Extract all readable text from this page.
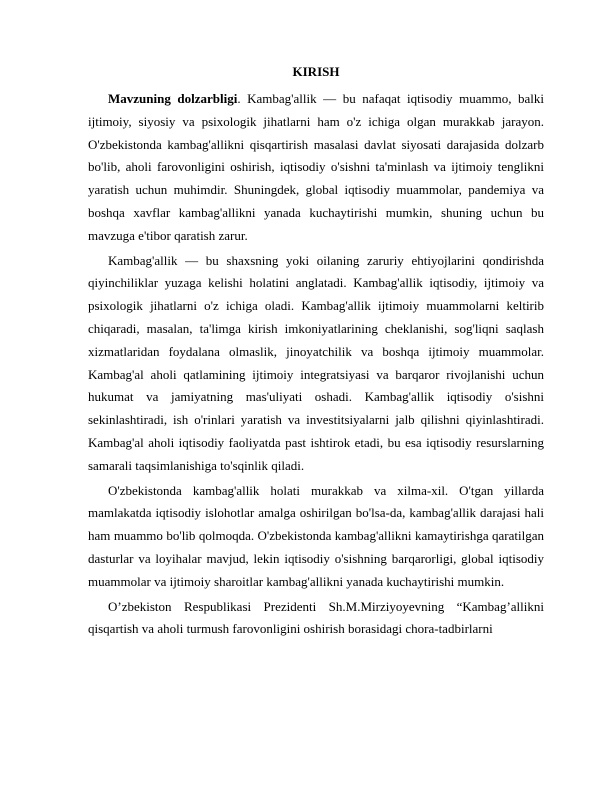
KIRISH

Mavzuning dolzarbligi. Kambag'allik — bu nafaqat iqtisodiy muammo, balki ijtimoiy, siyosiy va psixologik jihatlarni ham o'z ichiga olgan murakkab jarayon. O'zbekistonda kambag'allikni qisqartirish masalasi davlat siyosati darajasida dolzarb bo'lib, aholi farovonligini oshirish, iqtisodiy o'sishni ta'minlash va ijtimoiy tenglikni yaratish uchun muhimdir. Shuningdek, global iqtisodiy muammolar, pandemiya va boshqa xavflar kambag'allikni yanada kuchaytirishi mumkin, shuning uchun bu mavzuga e'tibor qaratish zarur.

Kambag'allik — bu shaxsning yoki oilaning zaruriy ehtiyojlarini qondirishda qiyinchiliklar yuzaga kelishi holatini anglatadi. Kambag'allik iqtisodiy, ijtimoiy va psixologik jihatlarni o'z ichiga oladi. Kambag'allik ijtimoiy muammolarni keltirib chiqaradi, masalan, ta'limga kirish imkoniyatlarining cheklanishi, sog'liqni saqlash xizmatlaridan foydalana olmaslik, jinoyatchilik va boshqa ijtimoiy muammolar. Kambag'al aholi qatlamining ijtimoiy integratsiyasi va barqaror rivojlanishi uchun hukumat va jamiyatning mas'uliyati oshadi. Kambag'allik iqtisodiy o'sishni sekinlashtiradi, ish o'rinlari yaratish va investitsiyalarni jalb qilishni qiyinlashtiradi. Kambag'al aholi iqtisodiy faoliyatda past ishtirok etadi, bu esa iqtisodiy resurslarning samarali taqsimlanishiga to'sqinlik qiladi.

O'zbekistonda kambag'allik holati murakkab va xilma-xil. O'tgan yillarda mamlakatda iqtisodiy islohotlar amalga oshirilgan bo'lsa-da, kambag'allik darajasi hali ham muammo bo'lib qolmoqda. O'zbekistonda kambag'allikni kamaytirishga qaratilgan dasturlar va loyihalar mavjud, lekin iqtisodiy o'sishning barqarorligi, global iqtisodiy muammolar va ijtimoiy sharoitlar kambag'allikni yanada kuchaytirishi mumkin.

O’zbekiston Respublikasi Prezidenti Sh.M.Mirziyoyevning “Kambag’allikni qisqartish va aholi turmush farovonligini oshirish borasidagi chora-tadbirlarni
